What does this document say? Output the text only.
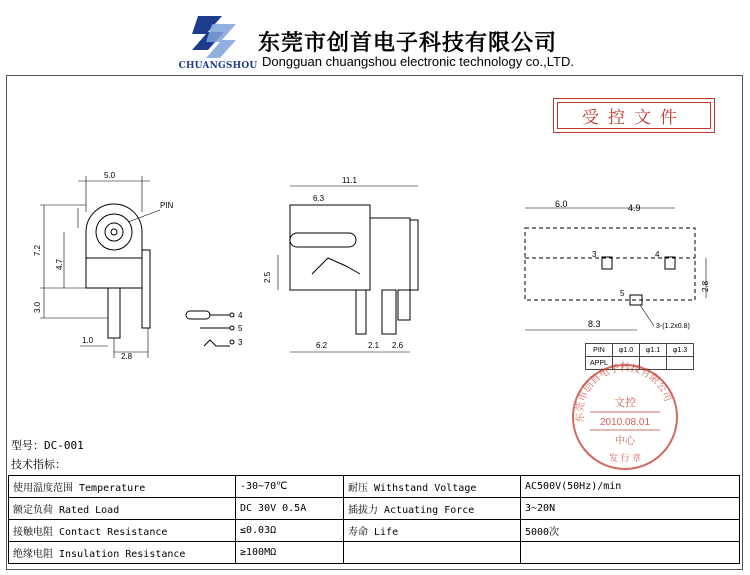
CHUANGSHOU
东莞市创首电子科技有限公司
Dongguan chuangshou electronic technology co.,LTD.
受控文件
5.0
PIN
7.2
4.7
3.0
1.0
2.8
4
5
3
11.1
6.3
2.5
6.2	2.1 2.6
6.0	4.9
8.3
2.8
3-(1.2x0.8)
3	4
5
PIN	φ1.0	φ1.1	φ1.3
APPL			
东莞市创首电子科技有限公司
文控
2010.08.01
中心
发 行 章
型号：DC-001
技术指标：
使用温度范围 Temperature	-30~70℃	耐压 Withstand Voltage	AC500V(50Hz)/min
额定负荷 Rated Load	DC 30V 0.5A	插拔力 Actuating Force	3~20N
接触电阻 Contact Resistance	≤0.03Ω	寿命 Life	5000次
绝缘电阻 Insulation Resistance	≥100MΩ		
